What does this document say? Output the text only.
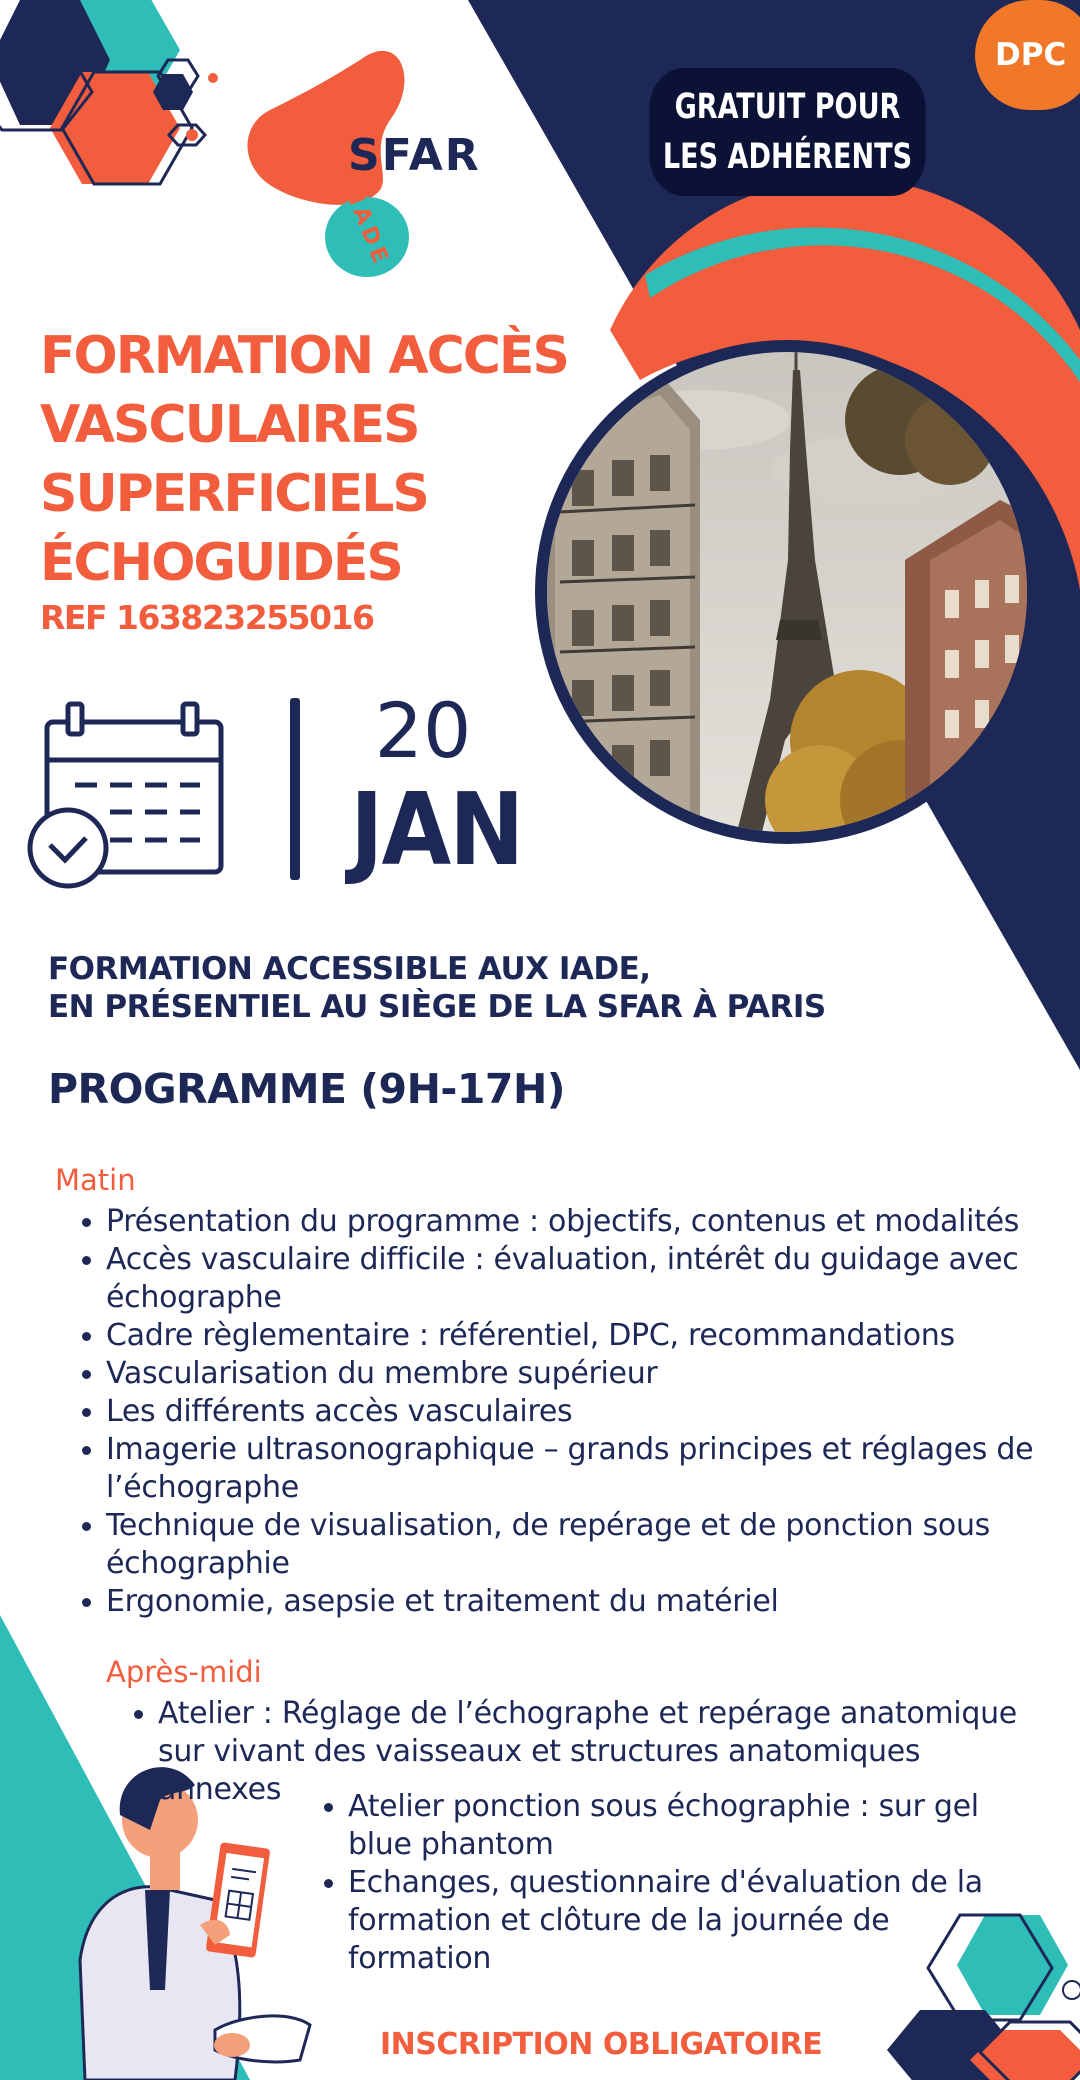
DPC
GRATUIT POUR
LES ADHÉRENTS
SFAR
IADE
FORMATION ACCÈS
VASCULAIRES
SUPERFICIELS
ÉCHOGUIDÉS
REF 163823255016
20
JAN
FORMATION ACCESSIBLE AUX IADE,
EN PRÉSENTIEL AU SIÈGE DE LA SFAR À PARIS
PROGRAMME (9H-17H)
Matin
Présentation du programme : objectifs, contenus et modalités
Accès vasculaire difficile : évaluation, intérêt du guidage avec échographe
Cadre règlementaire : référentiel, DPC, recommandations
Vascularisation du membre supérieur
Les différents accès vasculaires
Imagerie ultrasonographique – grands principes et réglages de l’échographe
Technique de visualisation, de repérage et de ponction sous échographie
Ergonomie, asepsie et traitement du matériel
Après-midi
Atelier : Réglage de l’échographe et repérage anatomique sur vivant des vaisseaux et structures anatomiques annexes	Atelier ponction sous échographie : sur gel blue phantom
Echanges, questionnaire d'évaluation de la formation et clôture de la journée de formation
INSCRIPTION OBLIGATOIRE
